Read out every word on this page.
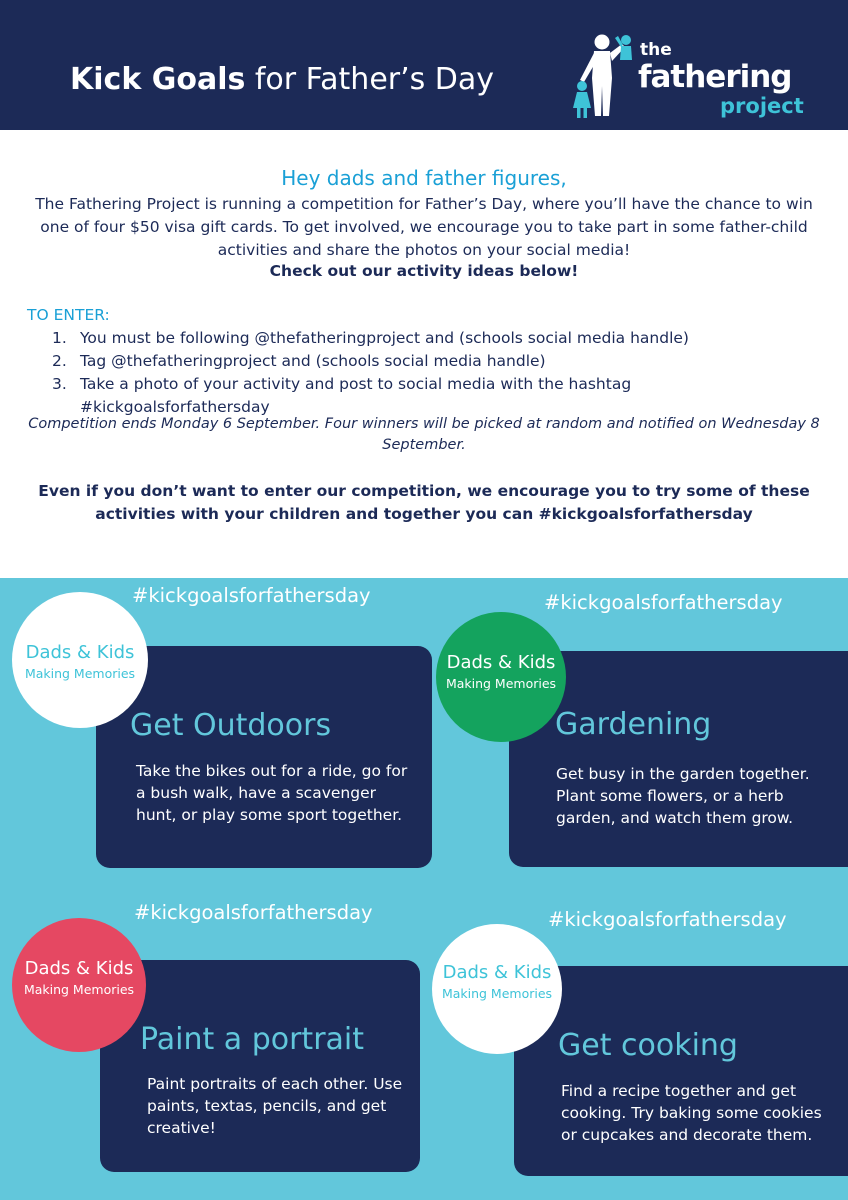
Kick Goals for Father’s Day
the
fathering
project
Hey dads and father figures,
The Fathering Project is running a competition for Father’s Day, where you’ll have the chance to win one of four $50 visa gift cards. To get involved, we encourage you to take part in some father-child activities and share the photos on your social media!
Check out our activity ideas below!
TO ENTER:
1. You must be following @thefatheringproject and (schools social media handle)
2. Tag @thefatheringproject and (schools social media handle)
3. Take a photo of your activity and post to social media with the hashtag #kickgoalsforfathersday
Competition ends Monday 6 September. Four winners will be picked at random and notified on Wednesday 8 September.
Even if you don’t want to enter our competition, we encourage you to try some of these activities with your children and together you can #kickgoalsforfathersday
#kickgoalsforfathersday
Get Outdoors
Take the bikes out for a ride, go for a bush walk, have a scavenger hunt, or play some sport together.
Dads & Kids
Making Memories
#kickgoalsforfathersday
Gardening
Get busy in the garden together. Plant some flowers, or a herb garden, and watch them grow.
Dads & Kids
Making Memories
#kickgoalsforfathersday
Paint a portrait
Paint portraits of each other. Use paints, textas, pencils, and get creative!
Dads & Kids
Making Memories
#kickgoalsforfathersday
Get cooking
Find a recipe together and get cooking. Try baking some cookies or cupcakes and decorate them.
Dads & Kids
Making Memories
